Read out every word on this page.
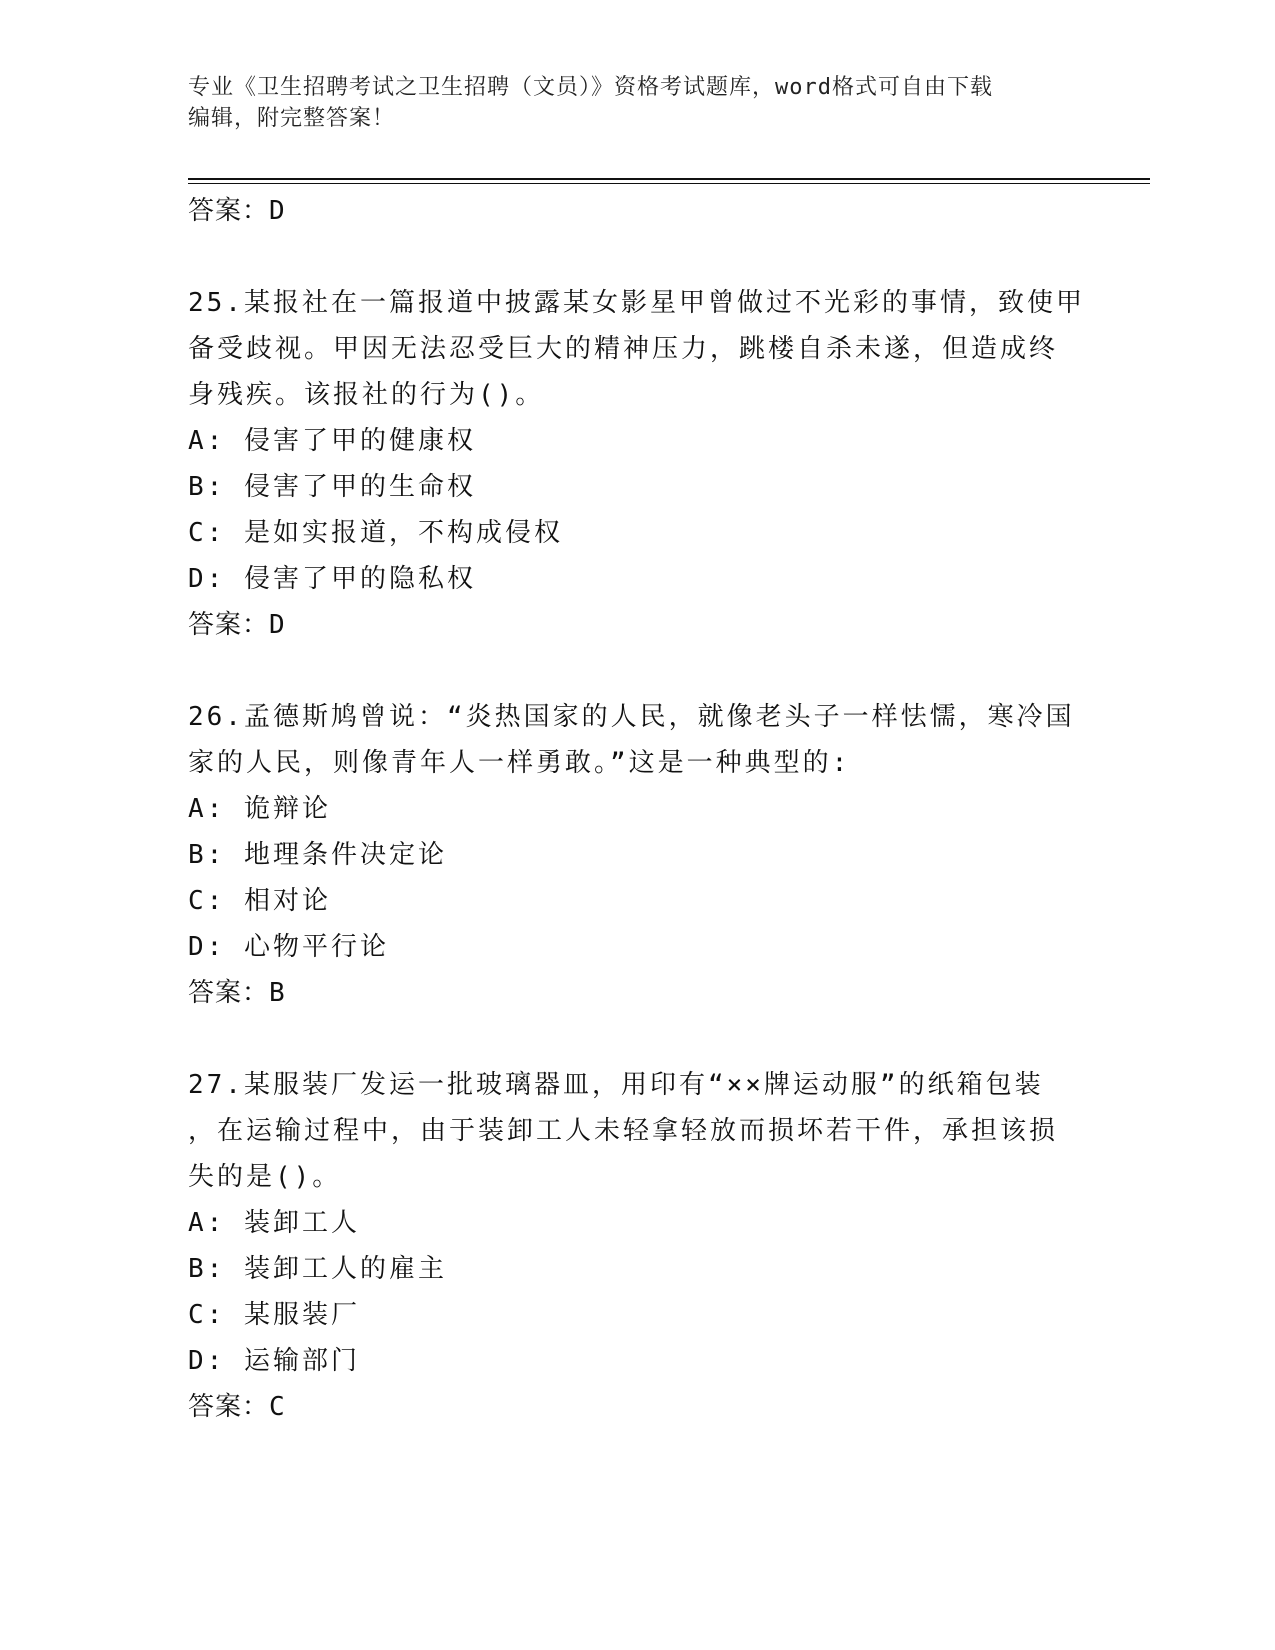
专业《卫生招聘考试之卫生招聘（文员）》资格考试题库，word格式可自由下载
编辑，附完整答案！
答案：D
25.某报社在一篇报道中披露某女影星甲曾做过不光彩的事情，致使甲
备受歧视。甲因无法忍受巨大的精神压力，跳楼自杀未遂，但造成终
身残疾。该报社的行为()。
A: 侵害了甲的健康权
B: 侵害了甲的生命权
C: 是如实报道，不构成侵权
D: 侵害了甲的隐私权
答案：D
26.孟德斯鸠曾说：“炎热国家的人民，就像老头子一样怯懦，寒冷国
家的人民，则像青年人一样勇敢。”这是一种典型的:
A: 诡辩论
B: 地理条件决定论
C: 相对论
D: 心物平行论
答案：B
27.某服装厂发运一批玻璃器皿，用印有“××牌运动服”的纸箱包装
，在运输过程中，由于装卸工人未轻拿轻放而损坏若干件，承担该损
失的是()。
A: 装卸工人
B: 装卸工人的雇主
C: 某服装厂
D: 运输部门
答案：C
